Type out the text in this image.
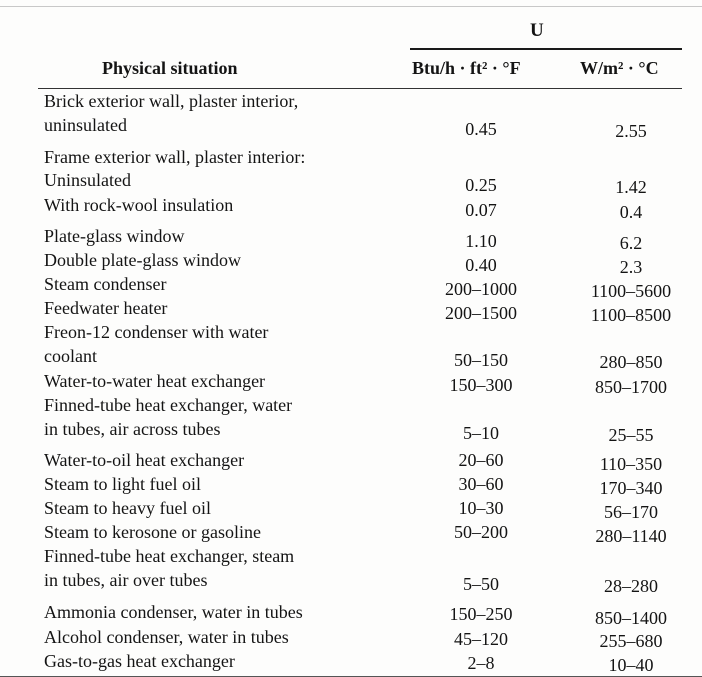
U
Physical situation	Btu/h · ft² · °F	W/m² · °C
Brick exterior wall, plaster interior,
uninsulated	0.45	2.55
Frame exterior wall, plaster interior:
Uninsulated	0.25	1.42
With rock-wool insulation	0.07	0.4
Plate-glass window	1.10	6.2
Double plate-glass window	0.40	2.3
Steam condenser	200–1000	1100–5600
Feedwater heater	200–1500	1100–8500
Freon-12 condenser with water
coolant	50–150	280–850
Water-to-water heat exchanger	150–300	850–1700
Finned-tube heat exchanger, water
in tubes, air across tubes	5–10	25–55
Water-to-oil heat exchanger	20–60	110–350
Steam to light fuel oil	30–60	170–340
Steam to heavy fuel oil	10–30	56–170
Steam to kerosone or gasoline	50–200	280–1140
Finned-tube heat exchanger, steam
in tubes, air over tubes	5–50	28–280
Ammonia condenser, water in tubes	150–250	850–1400
Alcohol condenser, water in tubes	45–120	255–680
Gas-to-gas heat exchanger	2–8	10–40
